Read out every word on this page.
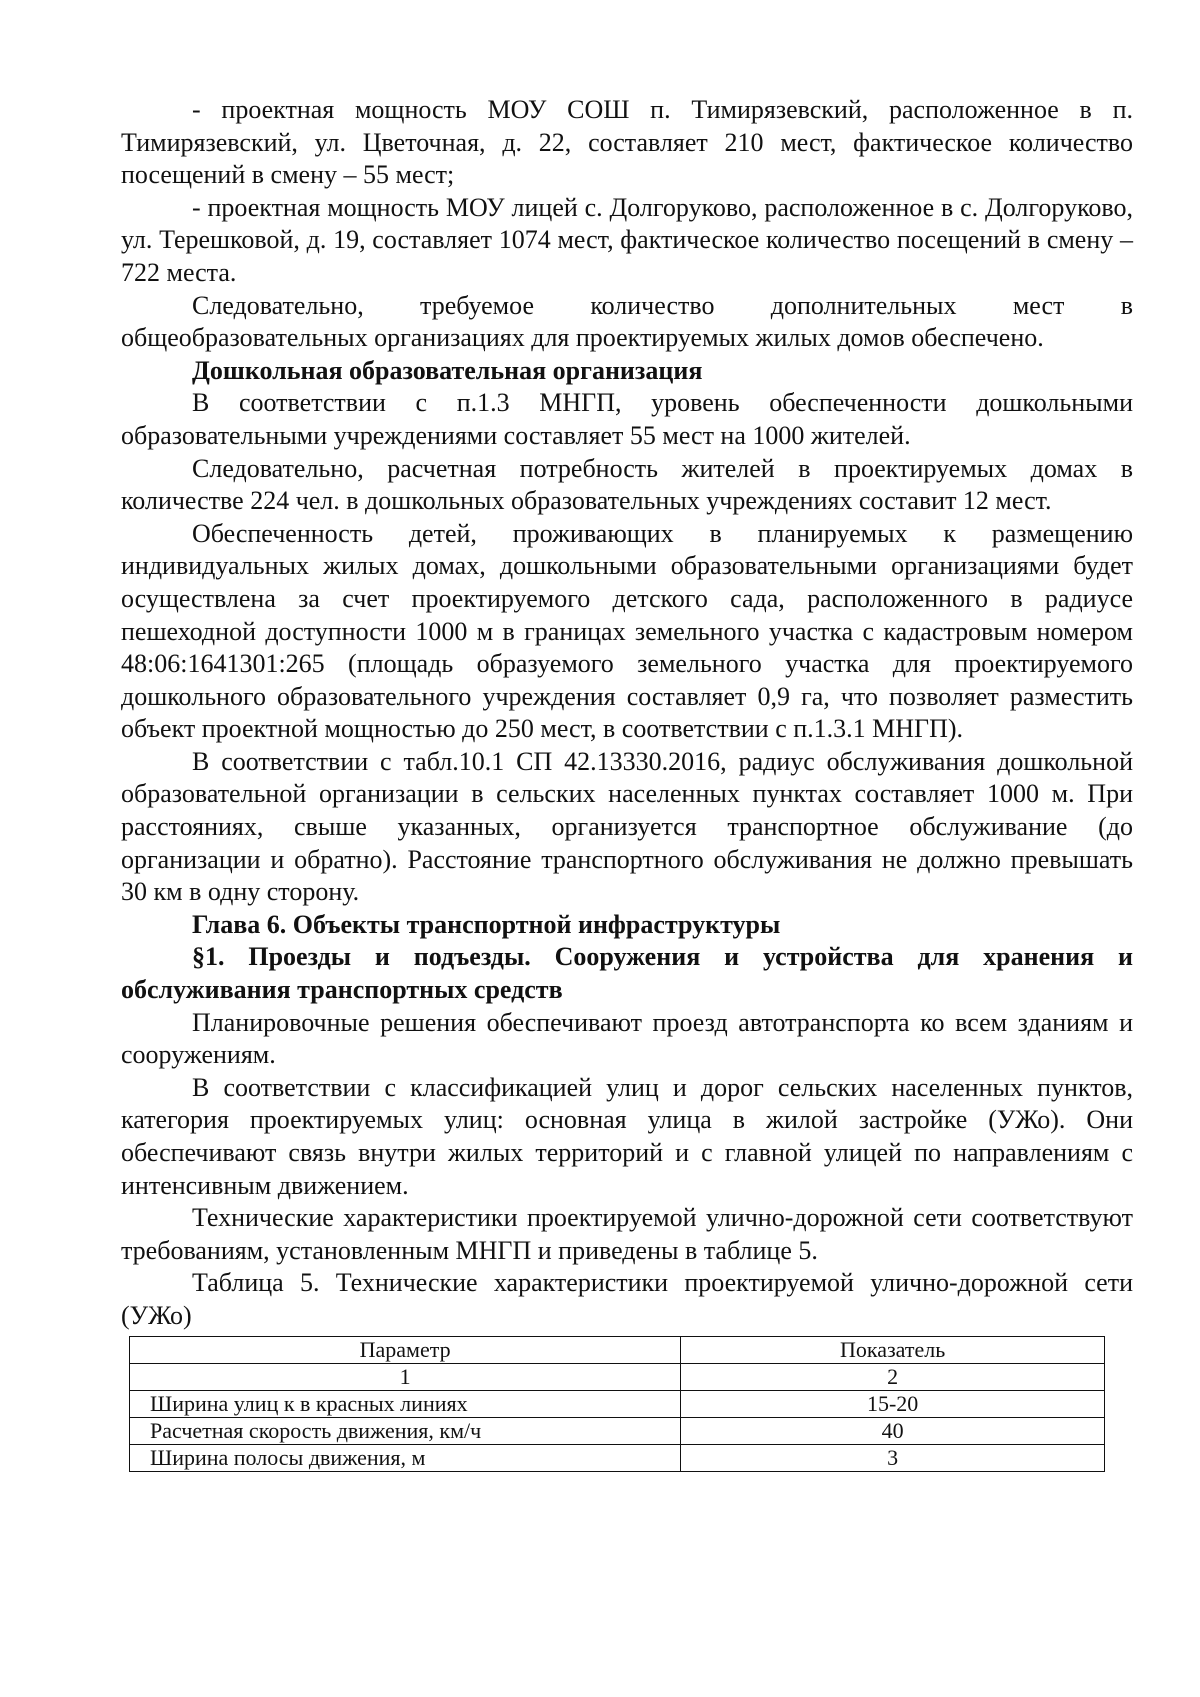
- проектная мощность МОУ СОШ п. Тимирязевский, расположенное в п. Тимирязевский, ул. Цветочная, д. 22, составляет 210 мест, фактическое количество посещений в смену – 55 мест;

- проектная мощность МОУ лицей с. Долгоруково, расположенное в с. Долгоруково, ул. Терешковой, д. 19, составляет 1074 мест, фактическое количество посещений в смену – 722 места.

Следовательно, требуемое количество дополнительных мест в общеобразовательных организациях для проектируемых жилых домов обеспечено.

Дошкольная образовательная организация

В соответствии с п.1.3 МНГП, уровень обеспеченности дошкольными образовательными учреждениями составляет 55 мест на 1000 жителей.

Следовательно, расчетная потребность жителей в проектируемых домах в количестве 224 чел. в дошкольных образовательных учреждениях составит 12 мест.

Обеспеченность детей, проживающих в планируемых к размещению индивидуальных жилых домах, дошкольными образовательными организациями будет осуществлена за счет проектируемого детского сада, расположенного в радиусе пешеходной доступности 1000 м в границах земельного участка с кадастровым номером 48:06:1641301:265 (площадь образуемого земельного участка для проектируемого дошкольного образовательного учреждения составляет 0,9 га, что позволяет разместить объект проектной мощностью до 250 мест, в соответствии с п.1.3.1 МНГП).

В соответствии с табл.10.1 СП 42.13330.2016, радиус обслуживания дошкольной образовательной организации в сельских населенных пунктах составляет 1000 м. При расстояниях, свыше указанных, организуется транспортное обслуживание (до организации и обратно). Расстояние транспортного обслуживания не должно превышать 30 км в одну сторону.

Глава 6. Объекты транспортной инфраструктуры

§1. Проезды и подъезды. Сооружения и устройства для хранения и обслуживания транспортных средств

Планировочные решения обеспечивают проезд автотранспорта ко всем зданиям и сооружениям.

В соответствии с классификацией улиц и дорог сельских населенных пунктов, категория проектируемых улиц: основная улица в жилой застройке (УЖо). Они обеспечивают связь внутри жилых территорий и с главной улицей по направлениям с интенсивным движением.

Технические характеристики проектируемой улично-дорожной сети соответствуют требованиям, установленным МНГП и приведены в таблице 5.

Таблица 5. Технические характеристики проектируемой улично-дорожной сети (УЖо)

Параметр	Показатель
1	2
Ширина улиц к в красных линиях	15-20
Расчетная скорость движения, км/ч	40
Ширина полосы движения, м	3
